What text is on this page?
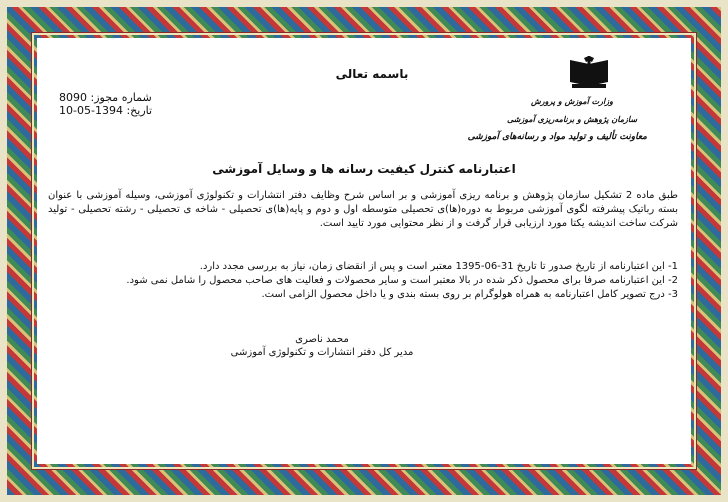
باسمه تعالی
وزارت آموزش و پرورش
سازمان پژوهش و برنامه‌ریزی آموزشی
معاونت تألیف و تولید مواد و رسانه‌های آموزشی
شماره مجوز: 8090
تاریخ: 1394-05-10
اعتبارنامه کنترل کیفیت رسانه ها و وسایل آموزشی
طبق ماده 2 تشکیل سازمان پژوهش و برنامه ریزی آموزشی و بر اساس شرح وظایف دفتر انتشارات و تکنولوژی آموزشی، وسیله آموزشی با عنوان بسته رباتیک پیشرفته لگوی آموزشی مربوط به دوره(ها)ی تحصیلی متوسطه اول و دوم و پایه(ها)ی تحصیلی - شاخه ی تحصیلی - رشته تحصیلی - تولید شرکت ساخت اندیشه یکتا مورد ارزیابی قرار گرفت و از نظر محتوایی مورد تایید است.

1- این اعتبارنامه از تاریخ صدور تا تاریخ 31-06-1395 معتبر است و پس از انقضای زمان، نیاز به بررسی مجدد دارد.

2- این اعتبارنامه صرفا برای محصول ذکر شده در بالا معتبر است و سایر محصولات و فعالیت های صاحب محصول را شامل نمی شود.

3- درج تصویر کامل اعتبارنامه به همراه هولوگرام بر روی بسته بندی و یا داخل محصول الزامی است.

محمد ناصری
مدیر کل دفتر انتشارات و تکنولوژی آموزشی
